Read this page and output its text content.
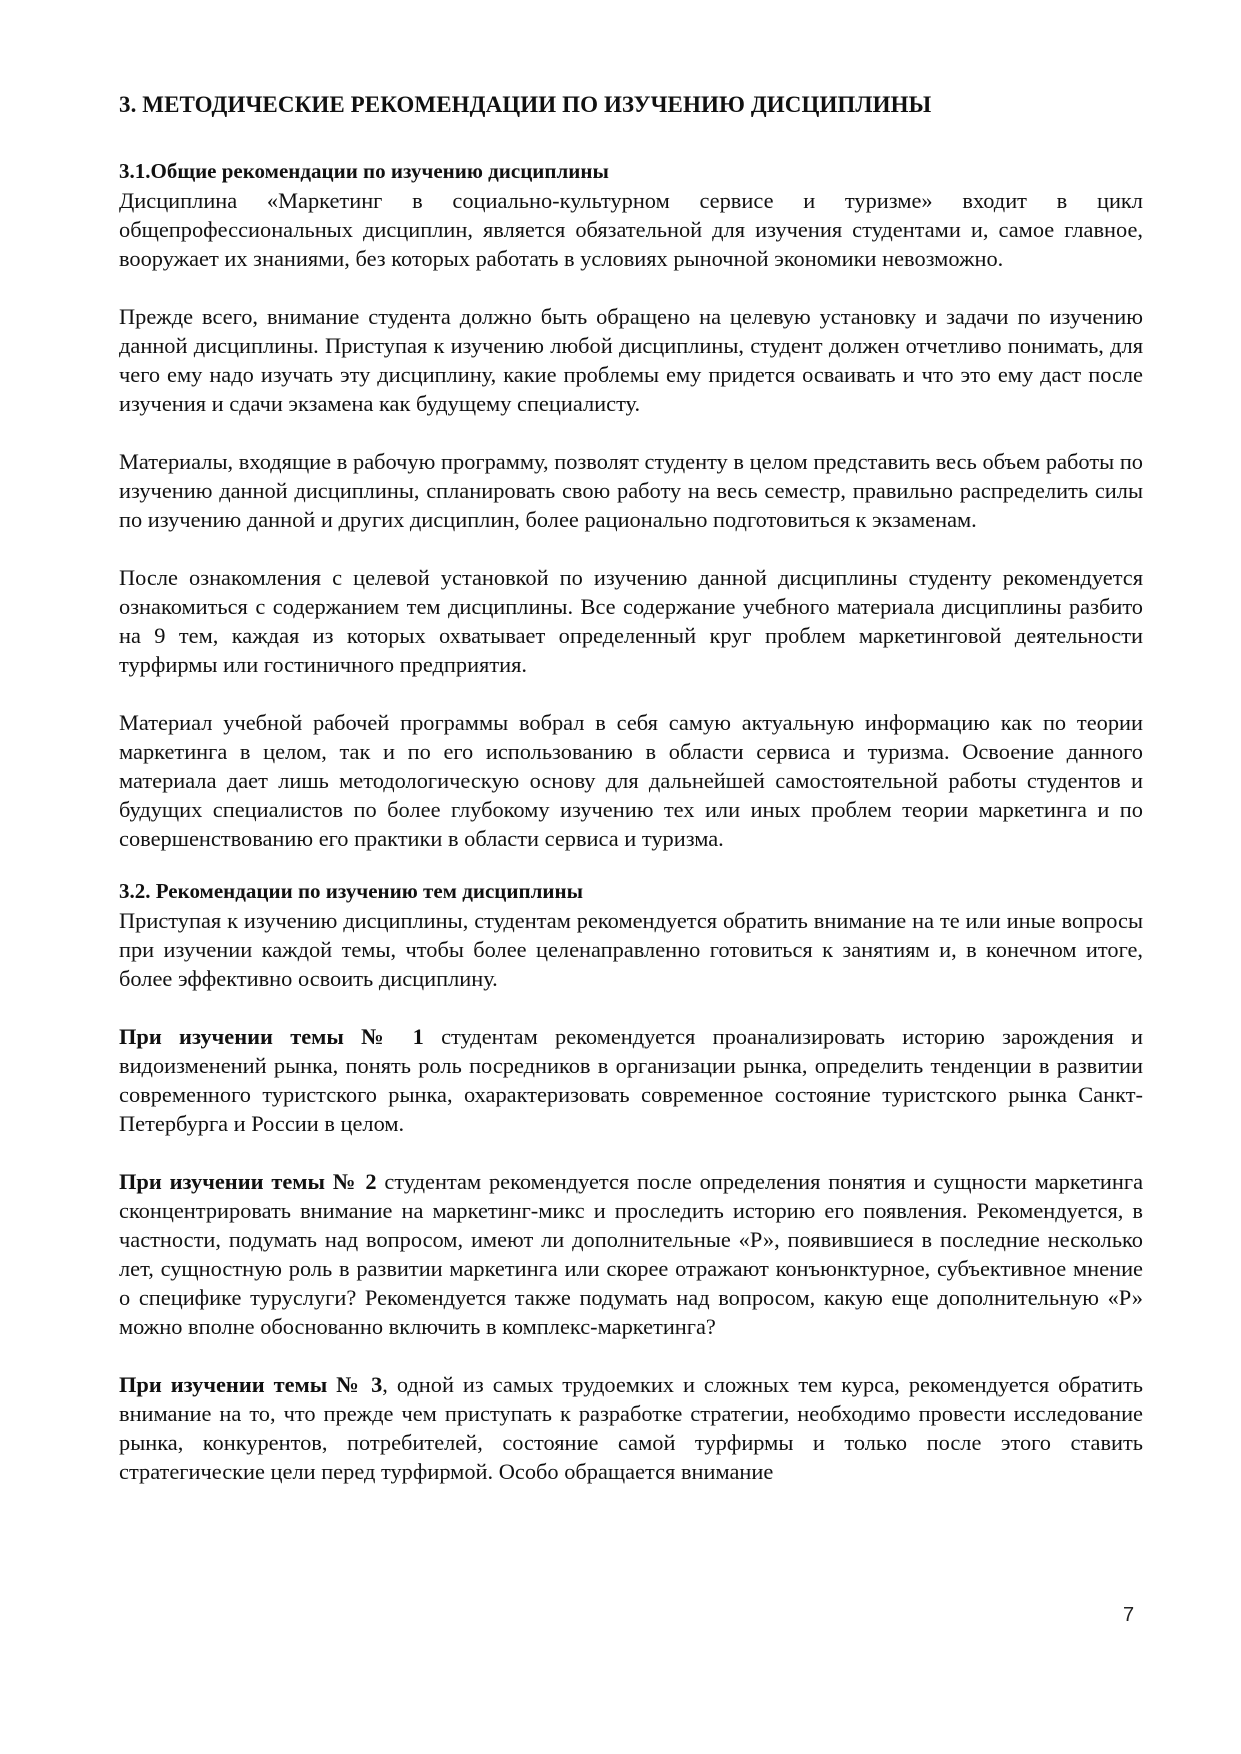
3. МЕТОДИЧЕСКИЕ РЕКОМЕНДАЦИИ ПО ИЗУЧЕНИЮ ДИСЦИПЛИНЫ
3.1.Общие рекомендации по изучению дисциплины

Дисциплина «Маркетинг в социально-культурном сервисе и туризме» входит в цикл общепрофессиональных дисциплин, является обязательной для изучения студентами и, самое главное, вооружает их знаниями, без которых работать в условиях рыночной экономики невозможно.

Прежде всего, внимание студента должно быть обращено на целевую установку и задачи по изучению данной дисциплины. Приступая к изучению любой дисциплины, студент должен отчетливо понимать, для чего ему надо изучать эту дисциплину, какие проблемы ему придется осваивать и что это ему даст после изучения и сдачи экзамена как будущему специалисту.

Материалы, входящие в рабочую программу, позволят студенту в целом представить весь объем работы по изучению данной дисциплины, спланировать свою работу на весь семестр, правильно распределить силы по изучению данной и других дисциплин, более рационально подготовиться к экзаменам.

После ознакомления с целевой установкой по изучению данной дисциплины студенту рекомендуется ознакомиться с содержанием тем дисциплины. Все содержание учебного материала дисциплины разбито на 9 тем, каждая из которых охватывает определенный круг проблем маркетинговой деятельности турфирмы или гостиничного предприятия.

Материал учебной рабочей программы вобрал в себя самую актуальную информацию как по теории маркетинга в целом, так и по его использованию в области сервиса и туризма. Освоение данного материала дает лишь методологическую основу для дальнейшей самостоятельной работы студентов и будущих специалистов по более глубокому изучению тех или иных проблем теории маркетинга и по совершенствованию его практики в области сервиса и туризма.

3.2. Рекомендации по изучению тем дисциплины

Приступая к изучению дисциплины, студентам рекомендуется обратить внимание на те или иные вопросы при изучении каждой темы, чтобы более целенаправленно готовиться к занятиям и, в конечном итоге, более эффективно освоить дисциплину.

При изучении темы № 1 студентам рекомендуется проанализировать историю зарождения и видоизменений рынка, понять роль посредников в организации рынка, определить тенденции в развитии современного туристского рынка, охарактеризовать современное состояние туристского рынка Санкт-Петербурга и России в целом.

При изучении темы № 2 студентам рекомендуется после определения понятия и сущности маркетинга сконцентрировать внимание на маркетинг-микс и проследить историю его появления. Рекомендуется, в частности, подумать над вопросом, имеют ли дополнительные «Р», появившиеся в последние несколько лет, сущностную роль в развитии маркетинга или скорее отражают конъюнктурное, субъективное мнение о специфике туруслуги? Рекомендуется также подумать над вопросом, какую еще дополнительную «Р» можно вполне обоснованно включить в комплекс-маркетинга?

При изучении темы № 3, одной из самых трудоемких и сложных тем курса, рекомендуется обратить внимание на то, что прежде чем приступать к разработке стратегии, необходимо провести исследование рынка, конкурентов, потребителей, состояние самой турфирмы и только после этого ставить стратегические цели перед турфирмой. Особо обращается внимание

7
